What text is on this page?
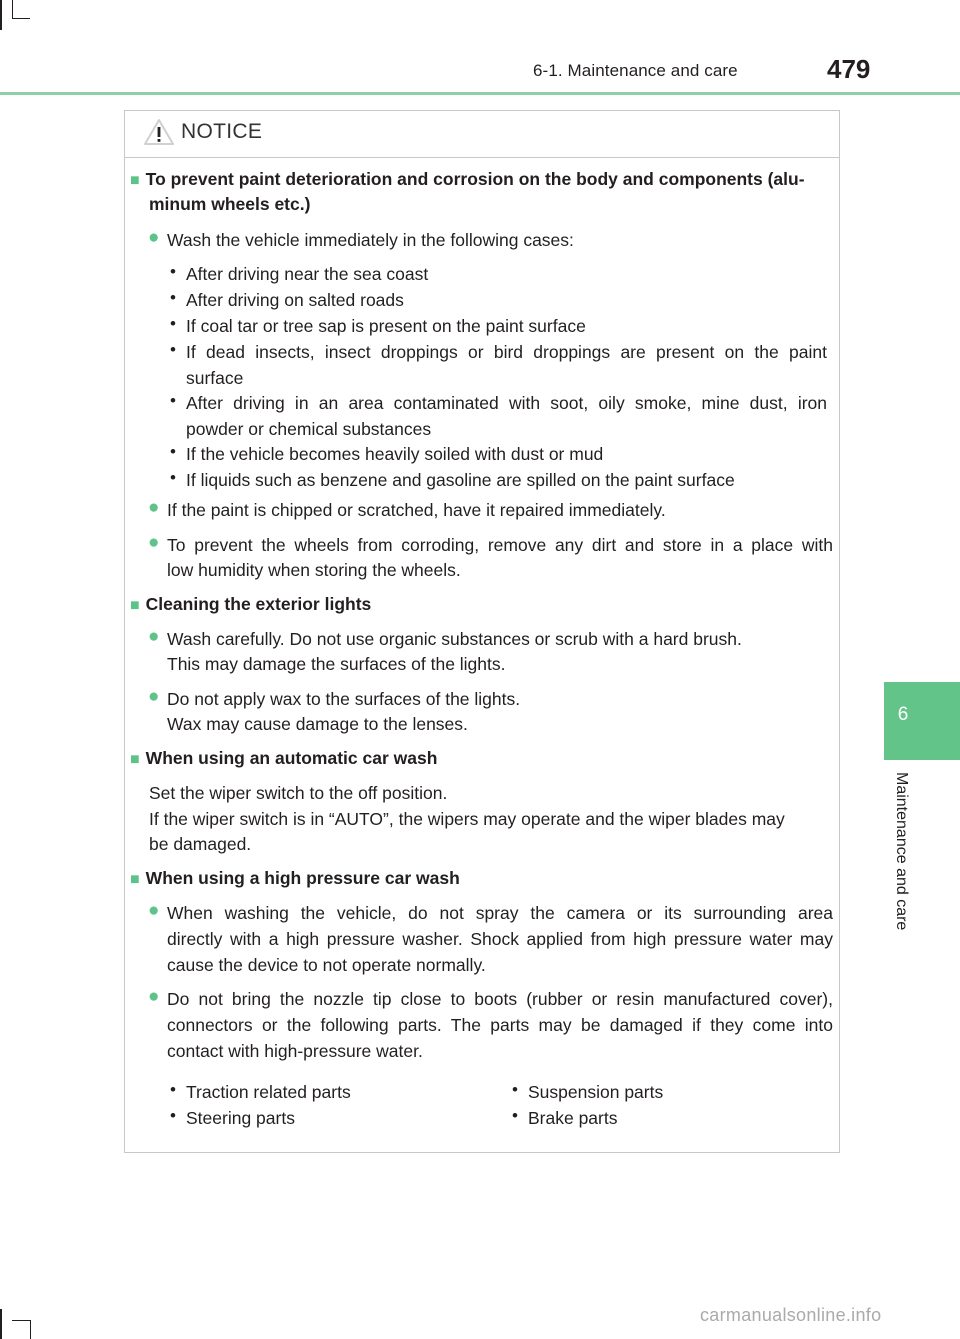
6-1. Maintenance and care	479
6
Maintenance and care
NOTICE
■ To prevent paint deterioration and corrosion on the body and components (alu-
minum wheels etc.)
● Wash the vehicle immediately in the following cases:
• After driving near the sea coast
• After driving on salted roads
• If coal tar or tree sap is present on the paint surface
• If dead insects, insect droppings or bird droppings are present on the paint
surface
• After driving in an area contaminated with soot, oily smoke, mine dust, iron
powder or chemical substances
• If the vehicle becomes heavily soiled with dust or mud
• If liquids such as benzene and gasoline are spilled on the paint surface
● If the paint is chipped or scratched, have it repaired immediately.
● To prevent the wheels from corroding, remove any dirt and store in a place with
low humidity when storing the wheels.
■ Cleaning the exterior lights
● Wash carefully. Do not use organic substances or scrub with a hard brush.
This may damage the surfaces of the lights.
● Do not apply wax to the surfaces of the lights.
Wax may cause damage to the lenses.
■ When using an automatic car wash
Set the wiper switch to the off position.
If the wiper switch is in “AUTO”, the wipers may operate and the wiper blades may
be damaged.
■ When using a high pressure car wash
● When washing the vehicle, do not spray the camera or its surrounding area
directly with a high pressure washer. Shock applied from high pressure water may
cause the device to not operate normally.
● Do not bring the nozzle tip close to boots (rubber or resin manufactured cover),
connectors or the following parts. The parts may be damaged if they come into
contact with high-pressure water.
• Traction related parts
• Steering parts
• Suspension parts
• Brake parts
carmanualsonline.info
